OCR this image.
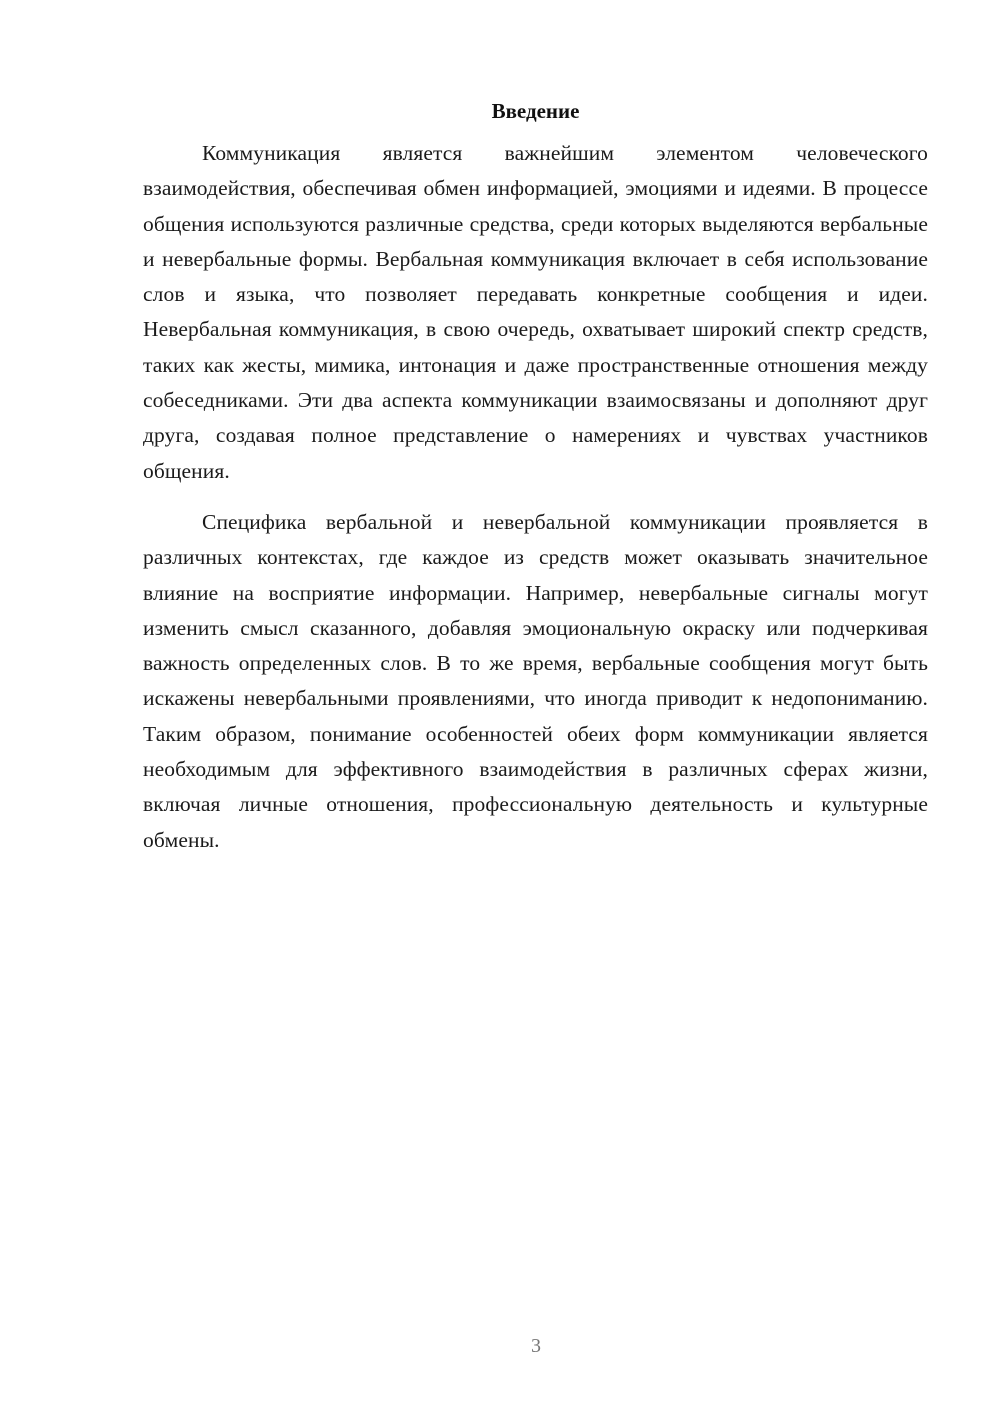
Введение

Коммуникация является важнейшим элементом человеческого взаимодействия, обеспечивая обмен информацией, эмоциями и идеями. В процессе общения используются различные средства, среди которых выделяются вербальные и невербальные формы. Вербальная коммуникация включает в себя использование слов и языка, что позволяет передавать конкретные сообщения и идеи. Невербальная коммуникация, в свою очередь, охватывает широкий спектр средств, таких как жесты, мимика, интонация и даже пространственные отношения между собеседниками. Эти два аспекта коммуникации взаимосвязаны и дополняют друг друга, создавая полное представление о намерениях и чувствах участников общения.

Специфика вербальной и невербальной коммуникации проявляется в различных контекстах, где каждое из средств может оказывать значительное влияние на восприятие информации. Например, невербальные сигналы могут изменить смысл сказанного, добавляя эмоциональную окраску или подчеркивая важность определенных слов. В то же время, вербальные сообщения могут быть искажены невербальными проявлениями, что иногда приводит к недопониманию. Таким образом, понимание особенностей обеих форм коммуникации является необходимым для эффективного взаимодействия в различных сферах жизни, включая личные отношения, профессиональную деятельность и культурные обмены.

3
